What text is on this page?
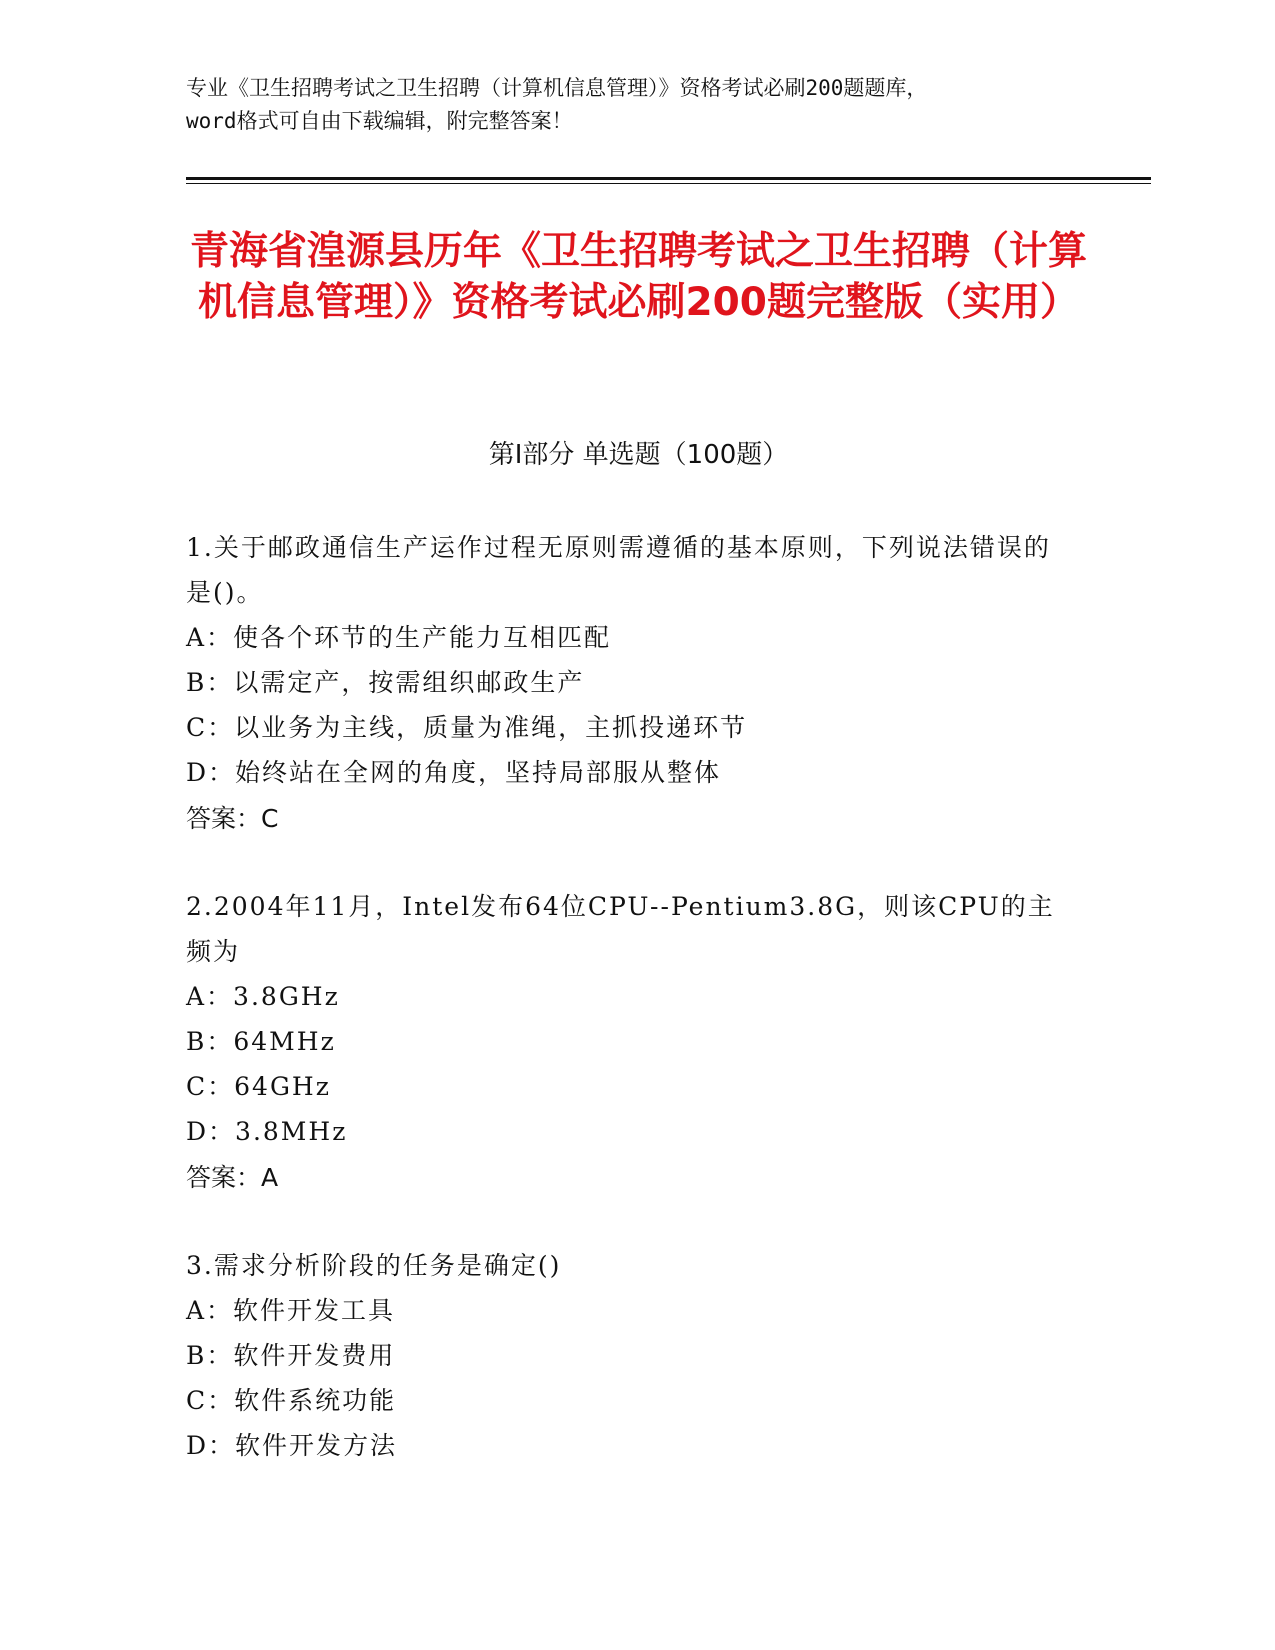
专业《卫生招聘考试之卫生招聘（计算机信息管理）》资格考试必刷200题题库，
word格式可自由下载编辑，附完整答案！
青海省湟源县历年《卫生招聘考试之卫生招聘（计算机信息管理）》资格考试必刷200题完整版（实用）
第Ⅰ部分 单选题（100题）

1.关于邮政通信生产运作过程无原则需遵循的基本原则，下列说法错误的是()。

A：使各个环节的生产能力互相匹配

B：以需定产，按需组织邮政生产

C：以业务为主线，质量为准绳，主抓投递环节

D：始终站在全网的角度，坚持局部服从整体

答案：C

2.2004年11月，Intel发布64位CPU--Pentium3.8G，则该CPU的主频为

A：3.8GHz

B：64MHz

C：64GHz

D：3.8MHz

答案：A

3.需求分析阶段的任务是确定()

A：软件开发工具

B：软件开发费用

C：软件系统功能

D：软件开发方法
